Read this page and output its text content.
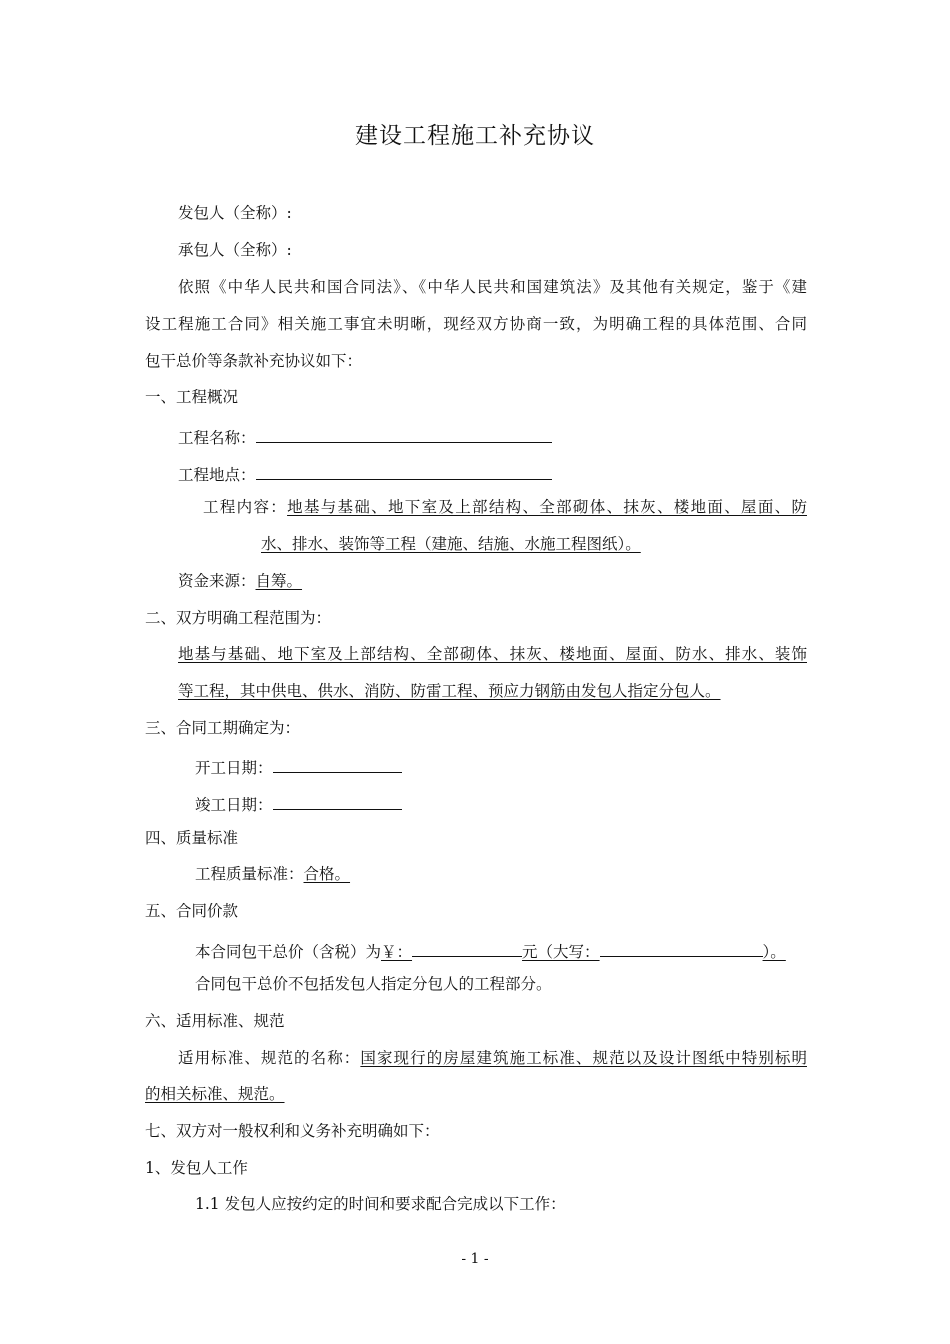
建设工程施工补充协议
发包人（全称）:
承包人（全称）:
依照《中华人民共和国合同法》、《中华人民共和国建筑法》及其他有关规定，鉴于《建
设工程施工合同》相关施工事宜未明晰，现经双方协商一致，为明确工程的具体范围、合同
包干总价等条款补充协议如下：
一、工程概况
工程名称：
工程地点：
工程内容：地基与基础、地下室及上部结构、全部砌体、抹灰、楼地面、屋面、防
水、排水、装饰等工程（建施、结施、水施工程图纸）。
资金来源：自筹。
二、双方明确工程范围为：
地基与基础、地下室及上部结构、全部砌体、抹灰、楼地面、屋面、防水、排水、装饰
等工程，其中供电、供水、消防、防雷工程、预应力钢筋由发包人指定分包人。
三、合同工期确定为：
开工日期：
竣工日期：
四、质量标准
工程质量标准：合格。
五、合同价款
本合同包干总价（含税）为￥：	元（大写：	）。
合同包干总价不包括发包人指定分包人的工程部分。
六、适用标准、规范
适用标准、规范的名称：国家现行的房屋建筑施工标准、规范以及设计图纸中特别标明
的相关标准、规范。
七、双方对一般权利和义务补充明确如下：
1、发包人工作
1.1 发包人应按约定的时间和要求配合完成以下工作：
- 1 -
